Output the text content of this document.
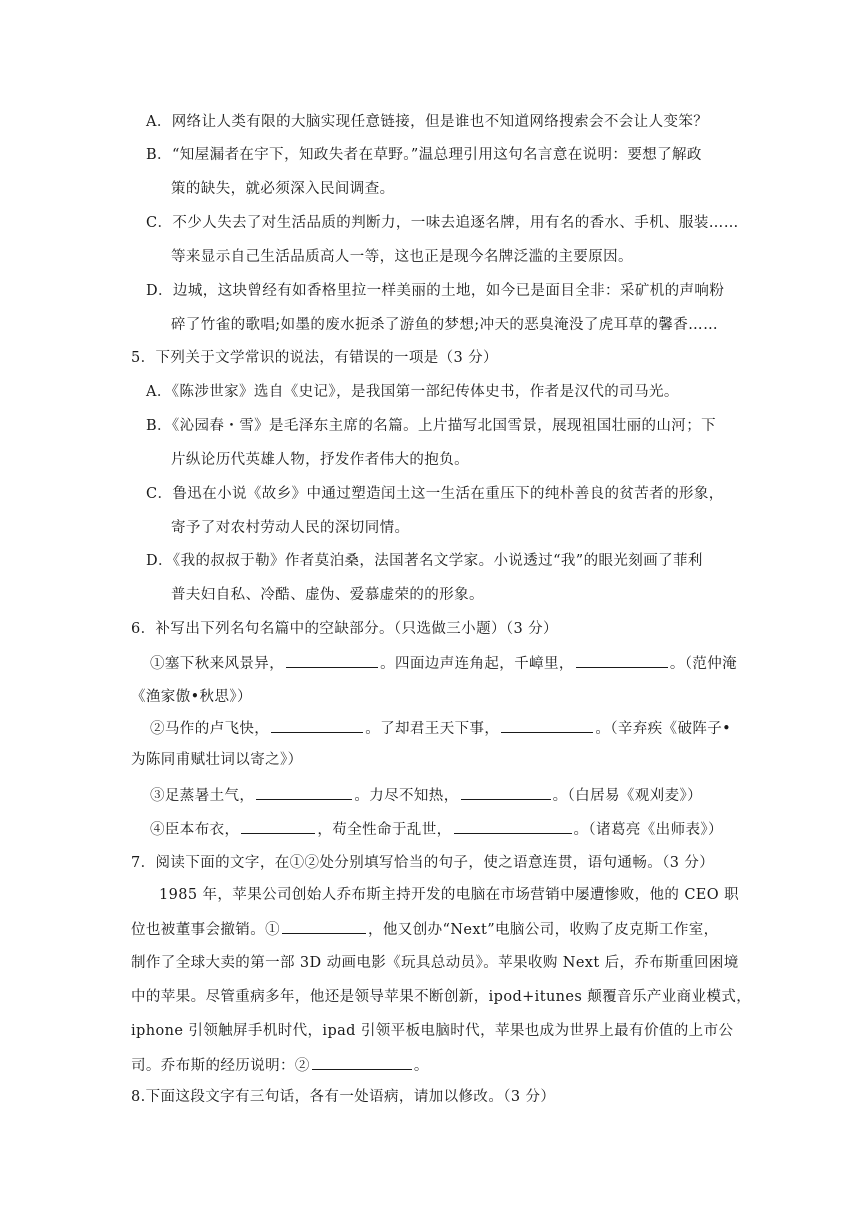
A．网络让人类有限的大脑实现任意链接，但是谁也不知道网络搜索会不会让人变笨？
B．“知屋漏者在宇下，知政失者在草野。”温总理引用这句名言意在说明：要想了解政
策的缺失，就必须深入民间调查。
C．不少人失去了对生活品质的判断力，一味去追逐名牌，用有名的香水、手机、服装……
等来显示自己生活品质高人一等，这也正是现今名牌泛滥的主要原因。
D．边城，这块曾经有如香格里拉一样美丽的土地，如今已是面目全非：采矿机的声响粉
碎了竹雀的歌唱;如墨的废水扼杀了游鱼的梦想;冲天的恶臭淹没了虎耳草的馨香……
5．下列关于文学常识的说法，有错误的一项是（3 分）
A．《陈涉世家》选自《史记》，是我国第一部纪传体史书，作者是汉代的司马光。
B．《沁园春・雪》是毛泽东主席的名篇。上片描写北国雪景，展现祖国壮丽的山河；下
片纵论历代英雄人物，抒发作者伟大的抱负。
C．鲁迅在小说《故乡》中通过塑造闰土这一生活在重压下的纯朴善良的贫苦者的形象，
寄予了对农村劳动人民的深切同情。
D．《我的叔叔于勒》作者莫泊桑，法国著名文学家。小说透过“我”的眼光刻画了菲利
普夫妇自私、冷酷、虚伪、爱慕虚荣的的形象。
6．补写出下列名句名篇中的空缺部分。（只选做三小题）（3 分）
①塞下秋来风景异，	。四面边声连角起，千嶂里，	。（范仲淹
《渔家傲•秋思》）
②马作的卢飞快，	。了却君王天下事，	。（辛弃疾《破阵子•
为陈同甫赋壮词以寄之》）
③足蒸暑土气，	。力尽不知热，	。（白居易《观刈麦》）
④臣本布衣，	，苟全性命于乱世，	。（诸葛亮《出师表》）
7．阅读下面的文字，在①②处分别填写恰当的句子，使之语意连贯，语句通畅。（3 分）
1985 年，苹果公司创始人乔布斯主持开发的电脑在市场营销中屡遭惨败，他的 CEO 职
位也被董事会撤销。①	，他又创办“Next”电脑公司，收购了皮克斯工作室，
制作了全球大卖的第一部 3D 动画电影《玩具总动员》。苹果收购 Next 后，乔布斯重回困境
中的苹果。尽管重病多年，他还是领导苹果不断创新，ipod+itunes 颠覆音乐产业商业模式，
iphone 引领触屏手机时代，ipad 引领平板电脑时代，苹果也成为世界上最有价值的上市公
司。乔布斯的经历说明：②	。
8.下面这段文字有三句话，各有一处语病，请加以修改。（3 分）
